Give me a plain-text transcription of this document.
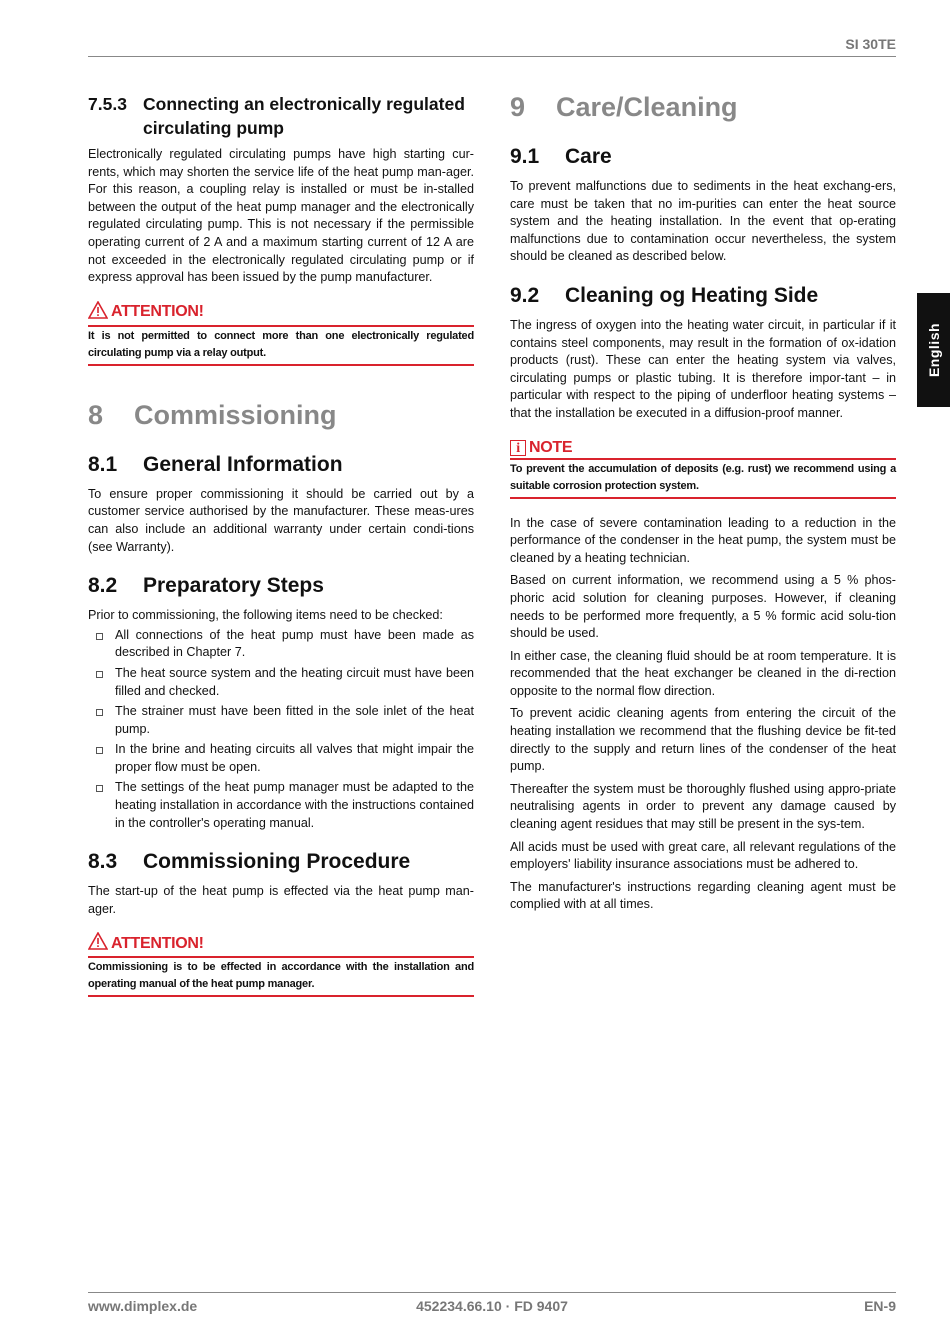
SI 30TE
English
7.5.3 Connecting an electronically regulated circulating pump

Electronically regulated circulating pumps have high starting cur-rents, which may shorten the service life of the heat pump man-ager. For this reason, a coupling relay is installed or must be in-stalled between the output of the heat pump manager and the electronically regulated circulating pump. This is not necessary if the permissible operating current of 2 A and a maximum starting current of 12 A are not exceeded in the electronically regulated circulating pump or if express approval has been issued by the pump manufacturer.

ATTENTION!
It is not permitted to connect more than one electronically regulated circulating pump via a relay output.
8	Commissioning
8.1	General Information

To ensure proper commissioning it should be carried out by a customer service authorised by the manufacturer. These meas-ures can also include an additional warranty under certain condi-tions (see Warranty).

8.2	Preparatory Steps

Prior to commissioning, the following items need to be checked:

All connections of the heat pump must have been made as described in Chapter 7.
The heat source system and the heating circuit must have been filled and checked.
The strainer must have been fitted in the sole inlet of the heat pump.
In the brine and heating circuits all valves that might impair the proper flow must be open.
The settings of the heat pump manager must be adapted to the heating installation in accordance with the instructions contained in the controller's operating manual.
8.3	Commissioning Procedure

The start-up of the heat pump is effected via the heat pump man-ager.

ATTENTION!
Commissioning is to be effected in accordance with the installation and operating manual of the heat pump manager.
9	Care/Cleaning
9.1	Care

To prevent malfunctions due to sediments in the heat exchang-ers, care must be taken that no im-purities can enter the heat source system and the heating installation. In the event that op-erating malfunctions due to contamination occur nevertheless, the system should be cleaned as described below.

9.2	Cleaning og Heating Side

The ingress of oxygen into the heating water circuit, in particular if it contains steel components, may result in the formation of ox-idation products (rust). These can enter the heating system via valves, circulating pumps or plastic tubing. It is therefore impor-tant – in particular with respect to the piping of underfloor heating systems – that the installation be executed in a diffusion-proof manner.

i NOTE
To prevent the accumulation of deposits (e.g. rust) we recommend using a suitable corrosion protection system.

In the case of severe contamination leading to a reduction in the performance of the condenser in the heat pump, the system must be cleaned by a heating technician.

Based on current information, we recommend using a 5 % phos-phoric acid solution for cleaning purposes. However, if cleaning needs to be performed more frequently, a 5 % formic acid solu-tion should be used.

In either case, the cleaning fluid should be at room temperature. It is recommended that the heat exchanger be cleaned in the di-rection opposite to the normal flow direction.

To prevent acidic cleaning agents from entering the circuit of the heating installation we recommend that the flushing device be fit-ted directly to the supply and return lines of the condenser of the heat pump.

Thereafter the system must be thoroughly flushed using appro-priate neutralising agents in order to prevent any damage caused by cleaning agent residues that may still be present in the sys-tem.

All acids must be used with great care, all relevant regulations of the employers' liability insurance associations must be adhered to.

The manufacturer's instructions regarding cleaning agent must be complied with at all times.

www.dimplex.de	452234.66.10 · FD 9407	EN-9
